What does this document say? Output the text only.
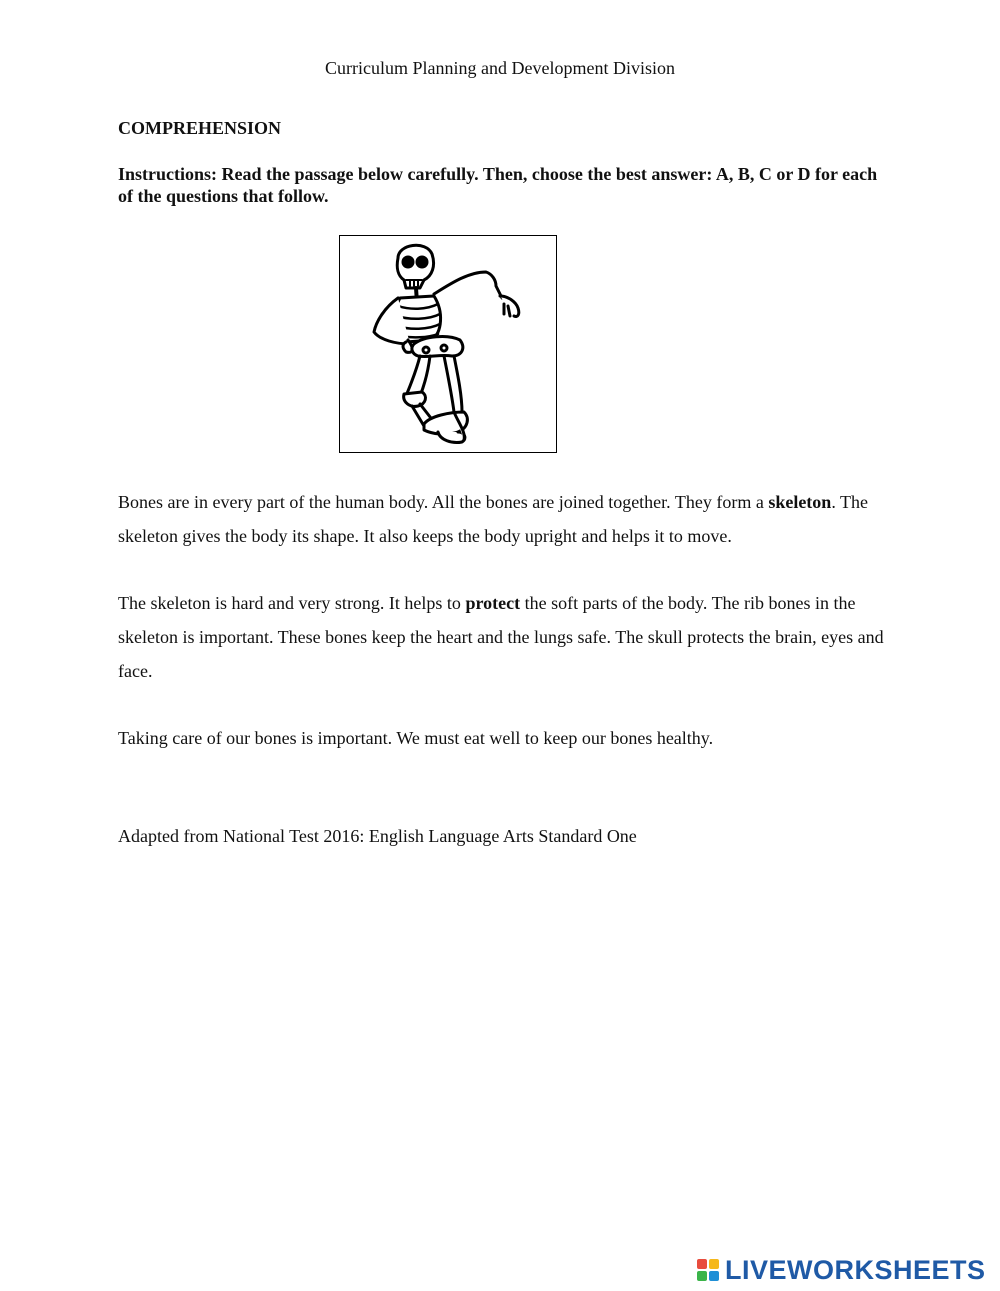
Curriculum Planning and Development Division
COMPREHENSION
Instructions: Read the passage below carefully. Then, choose the best answer: A, B, C or D for each of the questions that follow.

Bones are in every part of the human body. All the bones are joined together. They form a skeleton. The skeleton gives the body its shape. It also keeps the body upright and helps it to move.

The skeleton is hard and very strong. It helps to protect the soft parts of the body. The rib bones in the skeleton is important. These bones keep the heart and the lungs safe. The skull protects the brain, eyes and face.

Taking care of our bones is important. We must eat well to keep our bones healthy.

Adapted from National Test 2016: English Language Arts Standard One
LIVEWORKSHEETS
